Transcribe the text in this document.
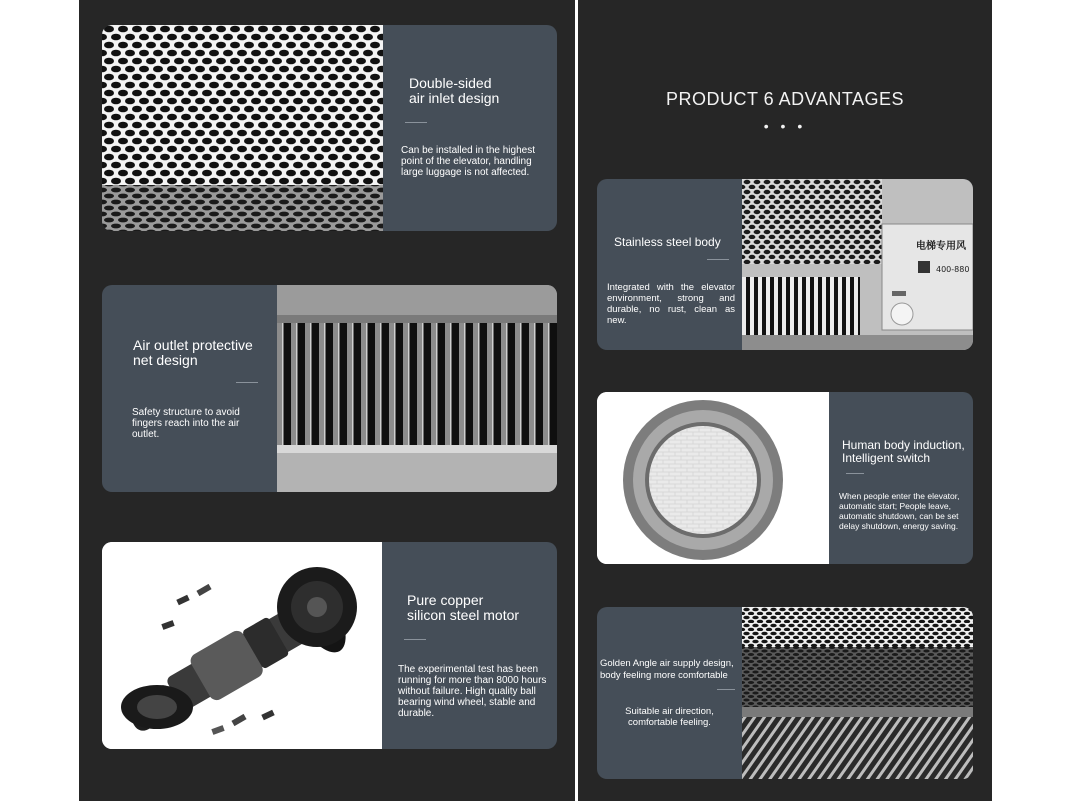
Double-sided
air inlet design

Can be installed in the highest point of the elevator, handling large luggage is not affected.

Air outlet protective
net design

Safety structure to avoid fingers reach into the air outlet.

Pure copper
silicon steel motor

The experimental test has been running for more than 8000 hours without failure. High quality ball bearing wind wheel, stable and durable.

PRODUCT 6 ADVANTAGES
• • •
Stainless steel body

Integrated with the elevator environment, strong and durable, no rust, clean as new.

电梯专用风
400-880
Human body induction,
Intelligent switch

When people enter the elevator, automatic start; People leave, automatic shutdown, can be set delay shutdown, energy saving.

Golden Angle air supply design,
body feeling more comfortable

Suitable air direction,
comfortable feeling.
